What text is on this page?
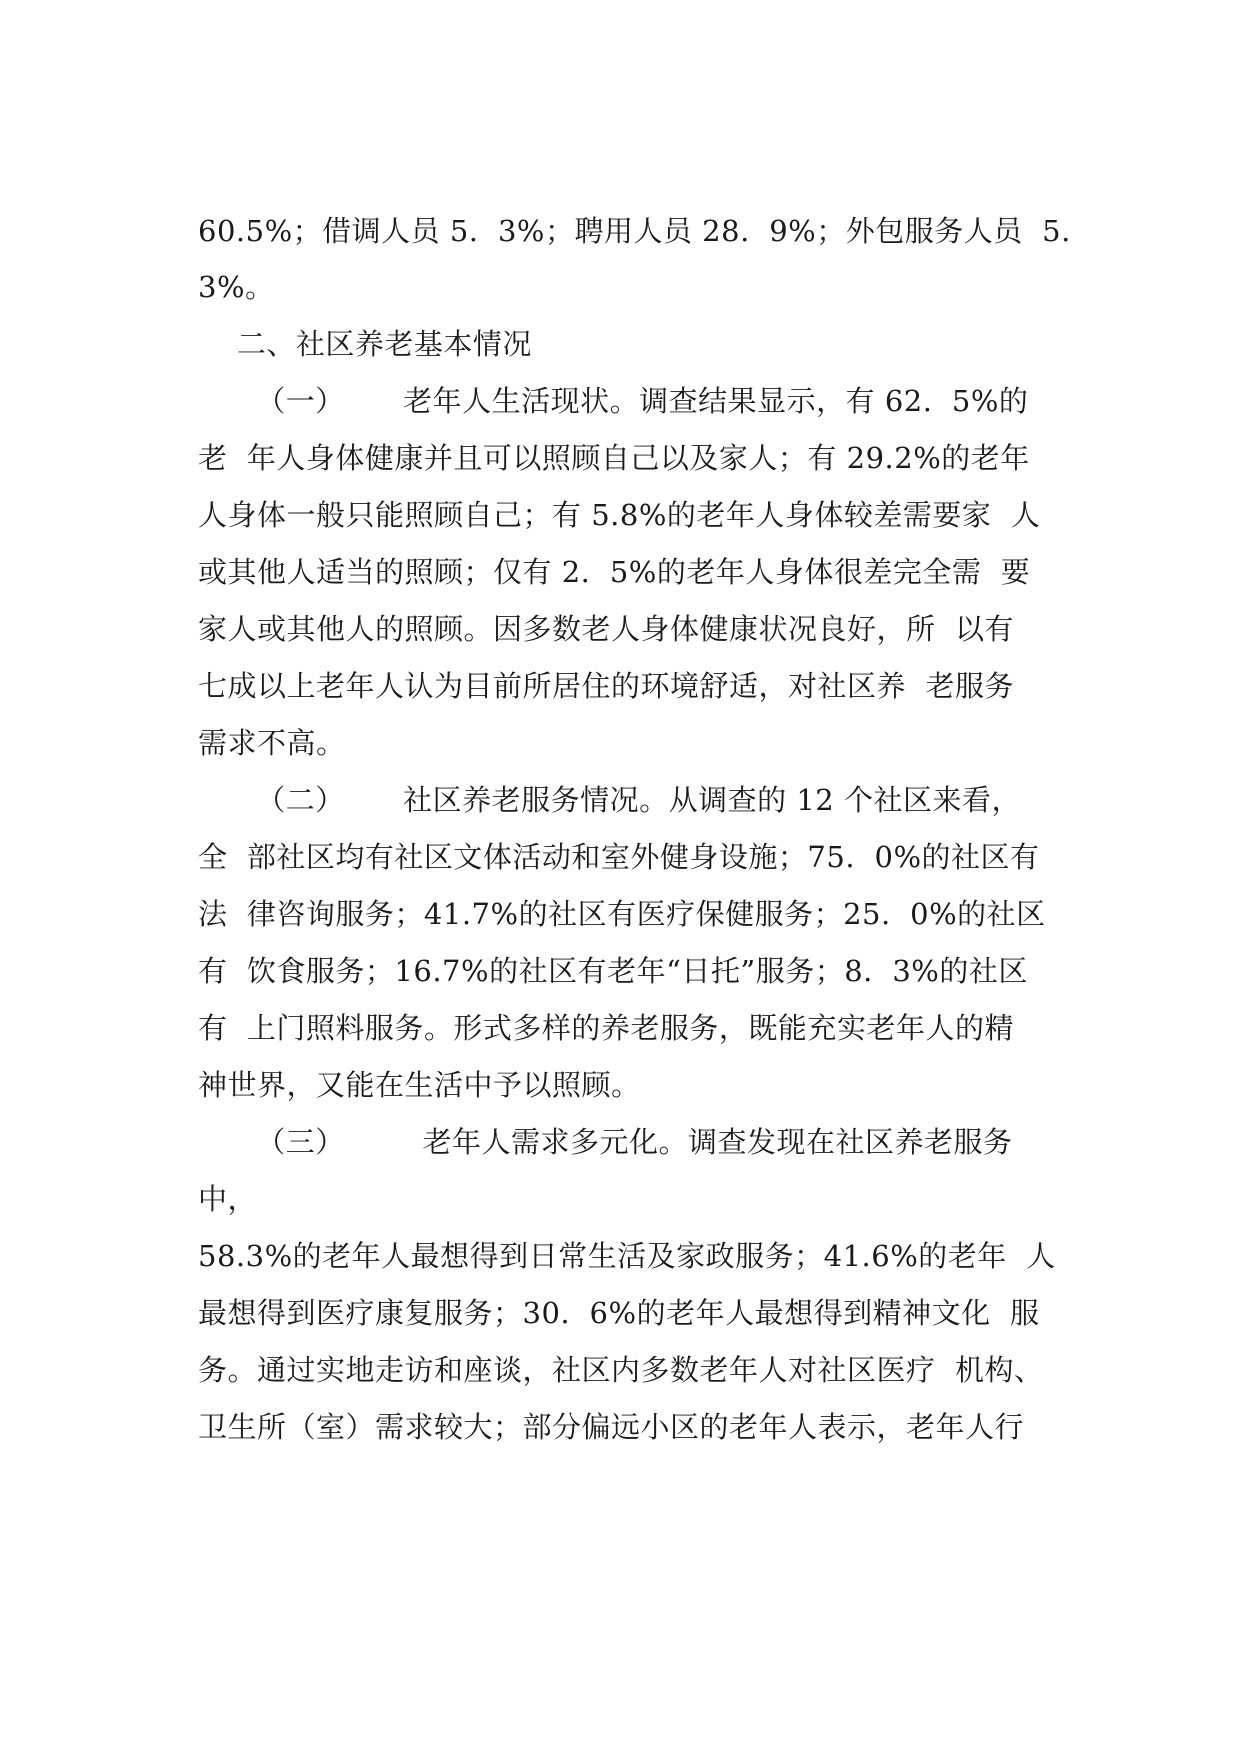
60.5%；借调人员 5.  3%；聘用人员 28.  9%；外包服务人员  5.
3%。
二、社区养老基本情况
（一）      老年人生活现状。调查结果显示，有 62.  5%的
老  年人身体健康并且可以照顾自己以及家人；有 29.2%的老年
人身体一般只能照顾自己；有 5.8%的老年人身体较差需要家  人
或其他人适当的照顾；仅有 2.  5%的老年人身体很差完全需  要
家人或其他人的照顾。因多数老人身体健康状况良好，所  以有
七成以上老年人认为目前所居住的环境舒适，对社区养  老服务
需求不高。
（二）      社区养老服务情况。从调查的 12 个社区来看，
全  部社区均有社区文体活动和室外健身设施；75.  0%的社区有
法  律咨询服务；41.7%的社区有医疗保健服务；25.  0%的社区
有  饮食服务；16.7%的社区有老年“日托”服务；8.  3%的社区
有  上门照料服务。形式多样的养老服务，既能充实老年人的精
神世界，又能在生活中予以照顾。
（三）        老年人需求多元化。调查发现在社区养老服务
中，
58.3%的老年人最想得到日常生活及家政服务；41.6%的老年  人
最想得到医疗康复服务；30.  6%的老年人最想得到精神文化  服
务。通过实地走访和座谈，社区内多数老年人对社区医疗  机构、
卫生所（室）需求较大；部分偏远小区的老年人表示，老年人行
